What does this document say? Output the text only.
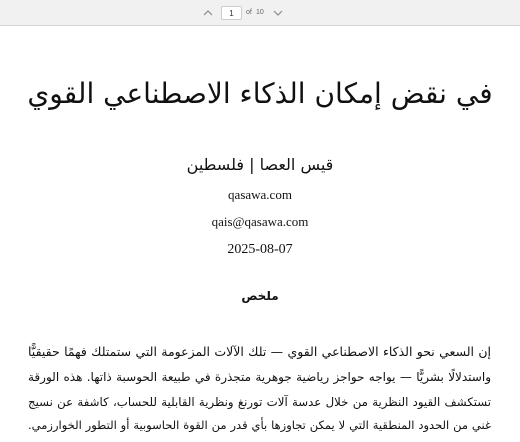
1
of 10
في نقض إمكان الذكاء الاصطناعي القوي
قيس العصا | فلسطين
qasawa.com
qais@qasawa.com
2025-08-07
ملخص
إن السعي نحو الذكاء الاصطناعي القوي — تلك الآلات المزعومة التي ستمتلك فهمًا حقيقيًّا
واستدلالًا بشريًّا — يواجه حواجز رياضية جوهرية متجذرة في طبيعة الحوسبة ذاتها. هذه الورقة
تستكشف القيود النظرية من خلال عدسة آلات تورنغ ونظرية القابلية للحساب، كاشفة عن نسيج
غني من الحدود المنطقية التي لا يمكن تجاوزها بأي قدر من القوة الحاسوبية أو التطور الخوارزمي.
